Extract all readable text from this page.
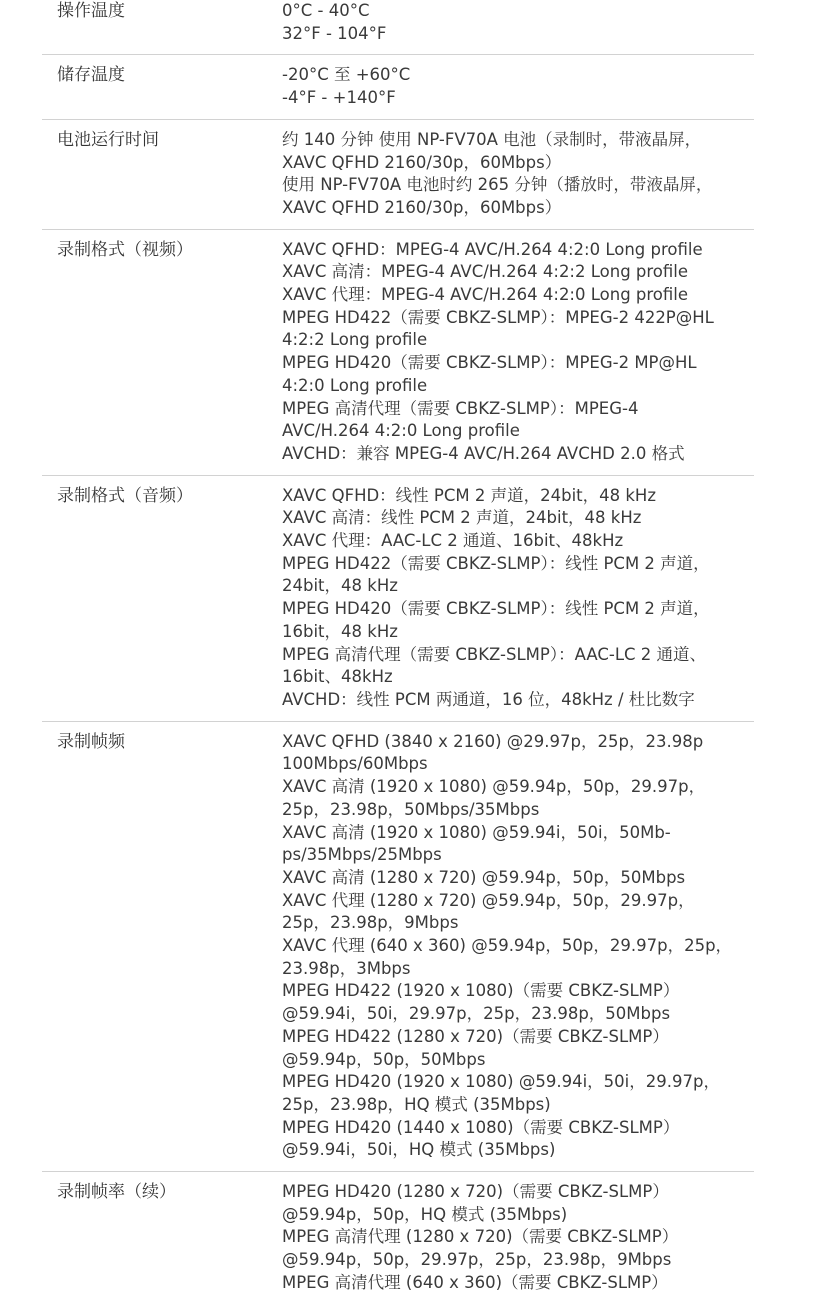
操作温度	0°C - 40°C
32°F - 104°F
储存温度	-20°C 至 +60°C
-4°F - +140°F
电池运行时间	约 140 分钟 使用 NP-FV70A 电池（录制时，带液晶屏，
XAVC QFHD 2160/30p，60Mbps）
使用 NP-FV70A 电池时约 265 分钟（播放时，带液晶屏，
XAVC QFHD 2160/30p，60Mbps）
录制格式（视频）	XAVC QFHD：MPEG-4 AVC/H.264 4:2:0 Long profile
XAVC 高清：MPEG-4 AVC/H.264 4:2:2 Long profile
XAVC 代理：MPEG-4 AVC/H.264 4:2:0 Long profile
MPEG HD422（需要 CBKZ-SLMP）：MPEG-2 422P@HL
4:2:2 Long profile
MPEG HD420（需要 CBKZ-SLMP）：MPEG-2 MP@HL
4:2:0 Long profile
MPEG 高清代理（需要 CBKZ-SLMP）：MPEG-4
AVC/H.264 4:2:0 Long profile
AVCHD：兼容 MPEG-4 AVC/H.264 AVCHD 2.0 格式
录制格式（音频）	XAVC QFHD：线性 PCM 2 声道，24bit，48 kHz
XAVC 高清：线性 PCM 2 声道，24bit，48 kHz
XAVC 代理：AAC-LC 2 通道、16bit、48kHz
MPEG HD422（需要 CBKZ-SLMP）：线性 PCM 2 声道，
24bit，48 kHz
MPEG HD420（需要 CBKZ-SLMP）：线性 PCM 2 声道，
16bit，48 kHz
MPEG 高清代理（需要 CBKZ-SLMP）：AAC-LC 2 通道、
16bit、48kHz
AVCHD：线性 PCM 两通道，16 位，48kHz / 杜比数字
录制帧频	XAVC QFHD (3840 x 2160) @29.97p，25p，23.98p
100Mbps/60Mbps
XAVC 高清 (1920 x 1080) @59.94p，50p，29.97p，
25p，23.98p，50Mbps/35Mbps
XAVC 高清 (1920 x 1080) @59.94i，50i，50Mb-
ps/35Mbps/25Mbps
XAVC 高清 (1280 x 720) @59.94p，50p，50Mbps
XAVC 代理 (1280 x 720) @59.94p，50p，29.97p，
25p，23.98p，9Mbps
XAVC 代理 (640 x 360) @59.94p，50p，29.97p，25p，
23.98p，3Mbps
MPEG HD422 (1920 x 1080)（需要 CBKZ-SLMP）
@59.94i，50i，29.97p，25p，23.98p，50Mbps
MPEG HD422 (1280 x 720)（需要 CBKZ-SLMP）
@59.94p，50p，50Mbps
MPEG HD420 (1920 x 1080) @59.94i，50i，29.97p，
25p，23.98p，HQ 模式 (35Mbps)
MPEG HD420 (1440 x 1080)（需要 CBKZ-SLMP）
@59.94i，50i，HQ 模式 (35Mbps)
录制帧率（续）	MPEG HD420 (1280 x 720)（需要 CBKZ-SLMP）
@59.94p，50p，HQ 模式 (35Mbps)
MPEG 高清代理 (1280 x 720)（需要 CBKZ-SLMP）
@59.94p，50p，29.97p，25p，23.98p，9Mbps
MPEG 高清代理 (640 x 360)（需要 CBKZ-SLMP）
